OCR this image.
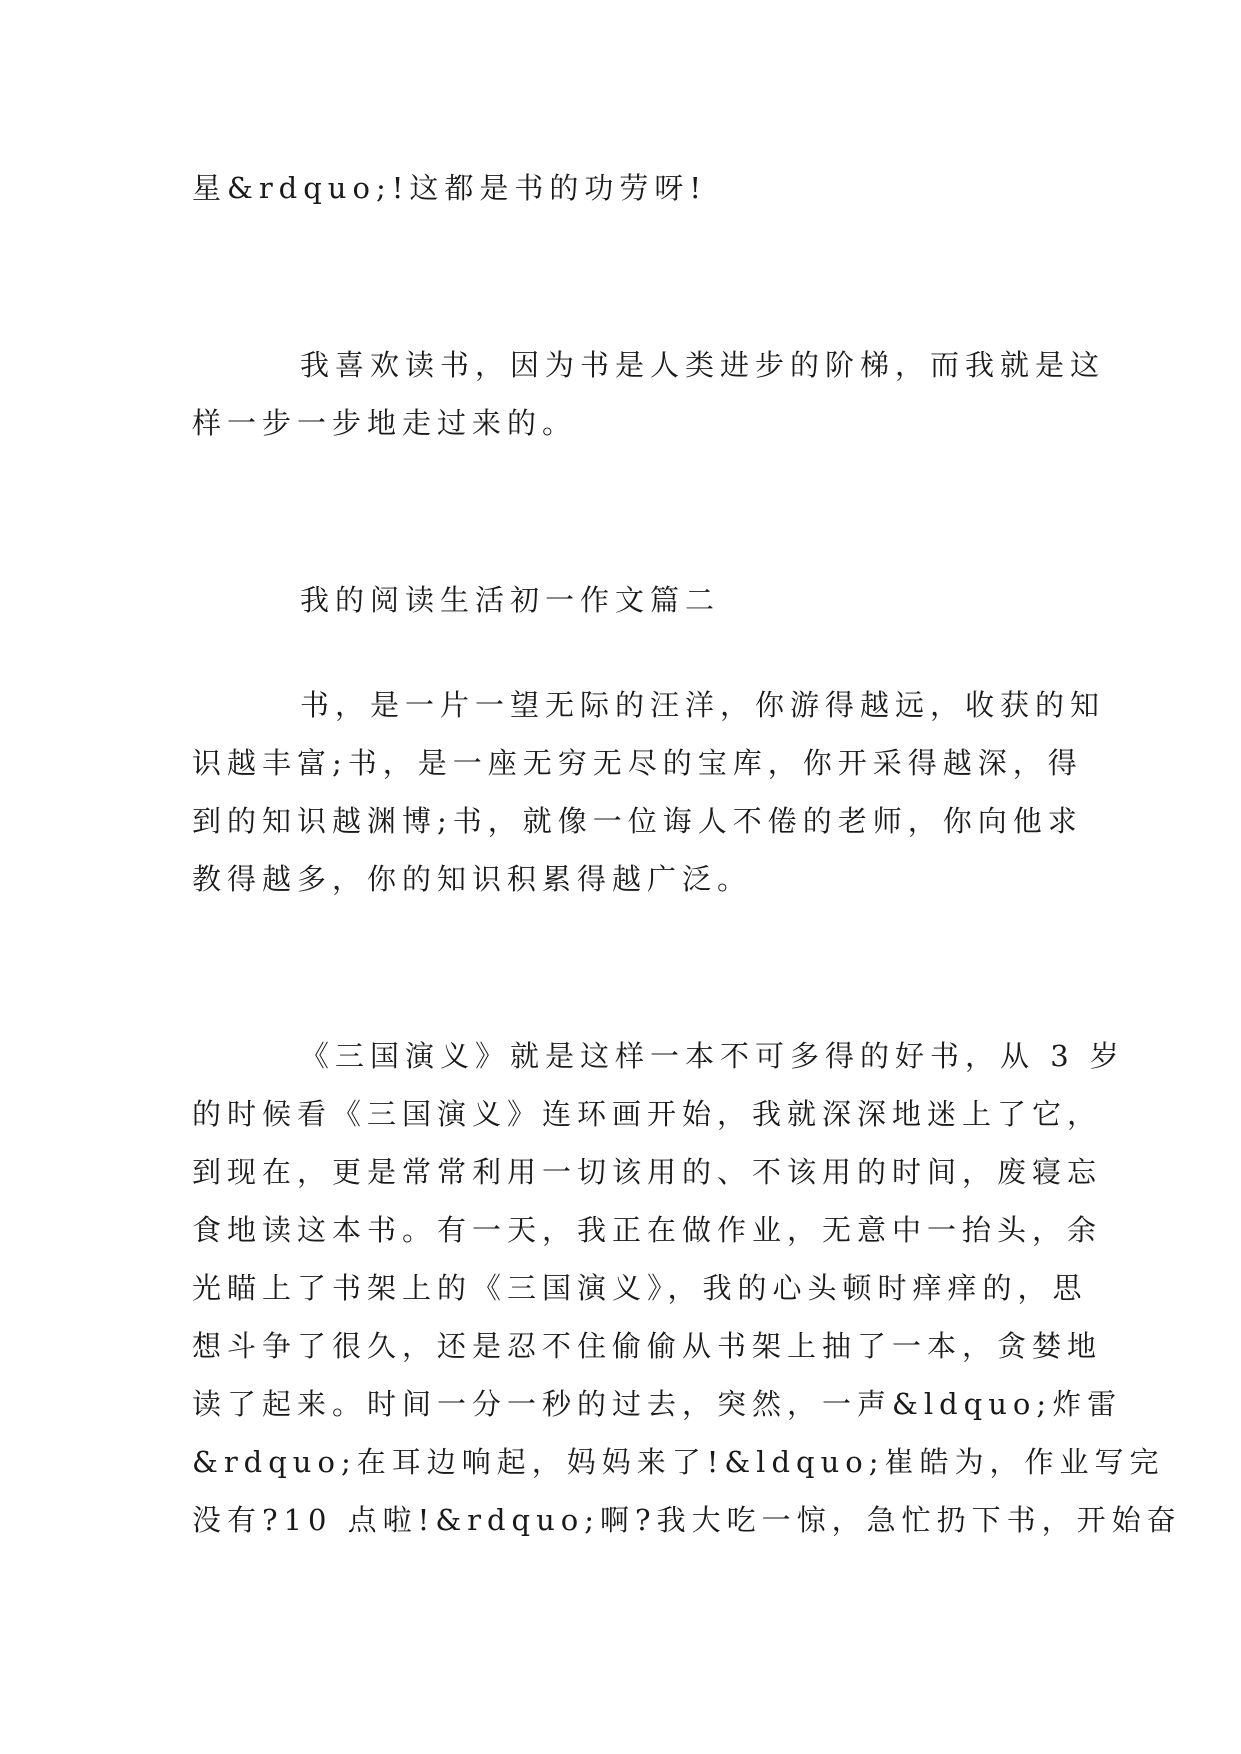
星&rdquo;!这都是书的功劳呀!
我喜欢读书，因为书是人类进步的阶梯，而我就是这
样一步一步地走过来的。
我的阅读生活初一作文篇二
书，是一片一望无际的汪洋，你游得越远，收获的知
识越丰富;书，是一座无穷无尽的宝库，你开采得越深，得
到的知识越渊博;书，就像一位诲人不倦的老师，你向他求
教得越多，你的知识积累得越广泛。
《三国演义》就是这样一本不可多得的好书，从 3 岁
的时候看《三国演义》连环画开始，我就深深地迷上了它，
到现在，更是常常利用一切该用的、不该用的时间，废寝忘
食地读这本书。有一天，我正在做作业，无意中一抬头，余
光瞄上了书架上的《三国演义》，我的心头顿时痒痒的，思
想斗争了很久，还是忍不住偷偷从书架上抽了一本，贪婪地
读了起来。时间一分一秒的过去，突然，一声&ldquo;炸雷
&rdquo;在耳边响起，妈妈来了!&ldquo;崔皓为，作业写完
没有?10 点啦!&rdquo;啊?我大吃一惊，急忙扔下书，开始奋
